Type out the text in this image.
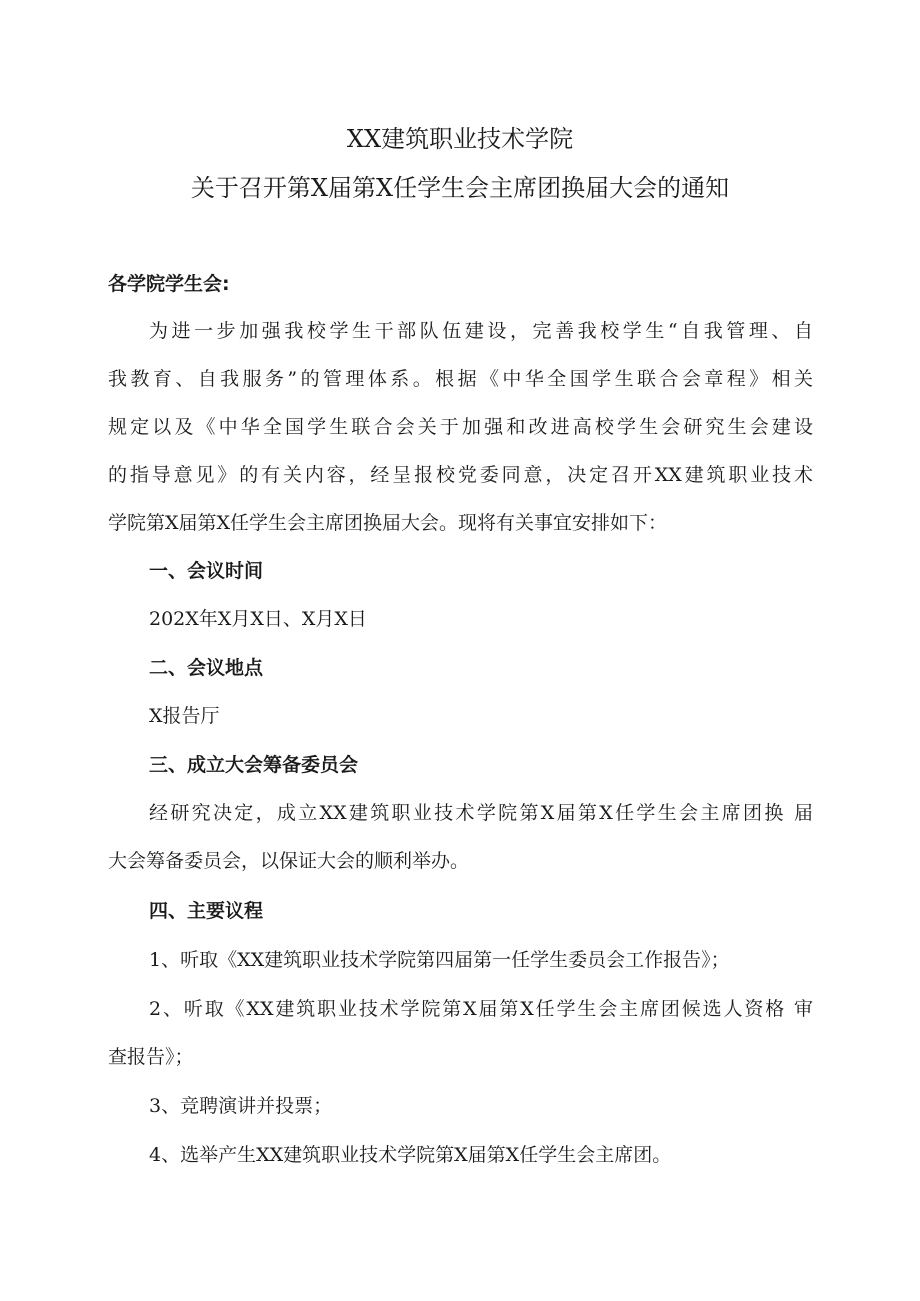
XX建筑职业技术学院
关于召开第X届第X任学生会主席团换届大会的通知
各学院学生会:
为进一步加强我校学生干部队伍建设，完善我校学生“自我管理、自
我教育、自我服务”的管理体系。根据《中华全国学生联合会章程》相关
规定以及《中华全国学生联合会关于加强和改进高校学生会研究生会建设
的指导意见》的有关内容，经呈报校党委同意，决定召开XX建筑职业技术
学院第X届第X任学生会主席团换届大会。现将有关事宜安排如下：
一、会议时间
202X年X月X日、X月X日
二、会议地点
X报告厅
三、成立大会筹备委员会
经研究决定，成立XX建筑职业技术学院第X届第X任学生会主席团换 届
大会筹备委员会，以保证大会的顺利举办。
四、主要议程
1、听取《XX建筑职业技术学院第四届第一任学生委员会工作报告》；
2、听取《XX建筑职业技术学院第X届第X任学生会主席团候选人资格 审
查报告》；
3、竞聘演讲并投票；
4、选举产生XX建筑职业技术学院第X届第X任学生会主席团。
